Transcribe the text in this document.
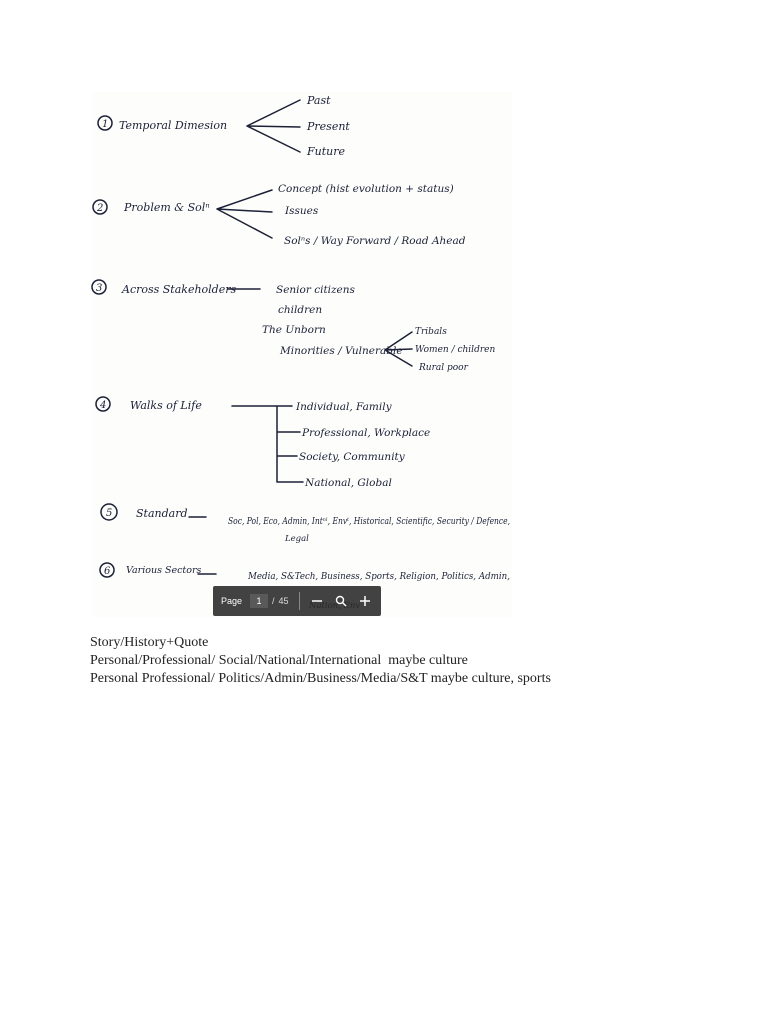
1 Temporal Dimesion
Past
Present
Future
2 Problem & Solⁿ
Concept (hist evolution + status)
Issues
Solⁿs / Way Forward / Road Ahead
3 Across Stakeholders	Senior citizens
children
The Unborn
Minorities / Vulnerable
Tribals
Women / children
Rural poor
4 Walks of Life	Individual, Family
Professional, Workplace
Society, Community
National, Global
5 Standard
Soc, Pol, Eco, Admin, Intⁿˡ, Envᵗ, Historical, Scientific, Security / Defence,
Legal
6 Various Sectors
Media, S&Tech, Business, Sports, Religion, Politics, Admin,
Page	1	/ 45
Story/History+Quote
Personal/Professional/ Social/National/International  maybe culture
Personal Professional/ Politics/Admin/Business/Media/S&T maybe culture, sports
